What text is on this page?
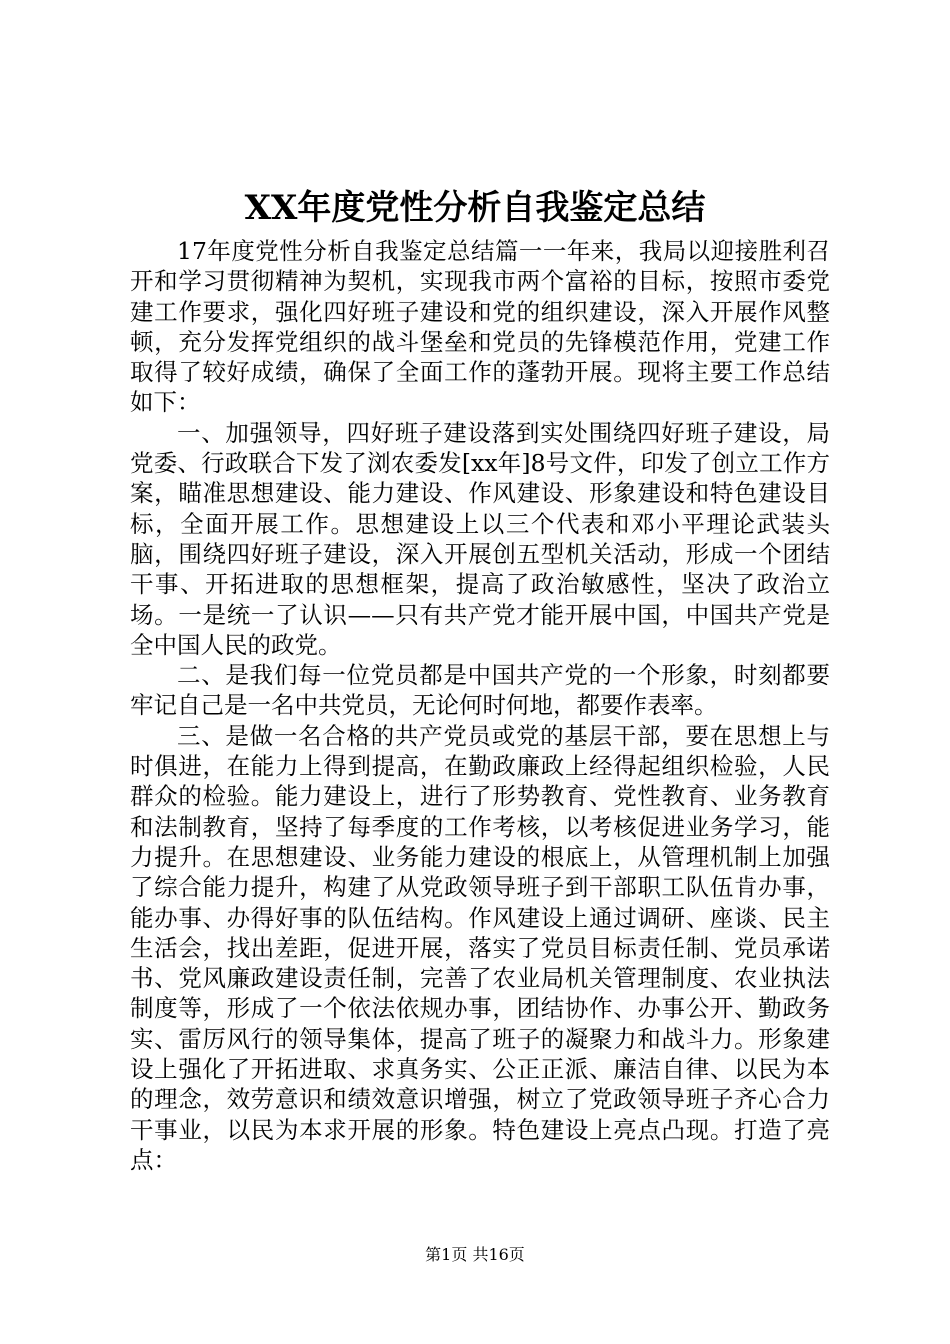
XX年度党性分析自我鉴定总结

17年度党性分析自我鉴定总结篇一一年来，我局以迎接胜利召开和学习贯彻精神为契机，实现我市两个富裕的目标，按照市委党建工作要求，强化四好班子建设和党的组织建设，深入开展作风整顿，充分发挥党组织的战斗堡垒和党员的先锋模范作用，党建工作取得了较好成绩，确保了全面工作的蓬勃开展。现将主要工作总结如下：

一、加强领导，四好班子建设落到实处围绕四好班子建设，局党委、行政联合下发了浏农委发[xx年]8号文件，印发了创立工作方案，瞄准思想建设、能力建设、作风建设、形象建设和特色建设目标，全面开展工作。思想建设上以三个代表和邓小平理论武装头脑，围绕四好班子建设，深入开展创五型机关活动，形成一个团结干事、开拓进取的思想框架，提高了政治敏感性，坚决了政治立场。一是统一了认识——只有共产党才能开展中国，中国共产党是全中国人民的政党。

二、是我们每一位党员都是中国共产党的一个形象，时刻都要牢记自己是一名中共党员，无论何时何地，都要作表率。

三、是做一名合格的共产党员或党的基层干部，要在思想上与时俱进，在能力上得到提高，在勤政廉政上经得起组织检验，人民群众的检验。能力建设上，进行了形势教育、党性教育、业务教育和法制教育，坚持了每季度的工作考核，以考核促进业务学习，能力提升。在思想建设、业务能力建设的根底上，从管理机制上加强了综合能力提升，构建了从党政领导班子到干部职工队伍肯办事，能办事、办得好事的队伍结构。作风建设上通过调研、座谈、民主生活会，找出差距，促进开展，落实了党员目标责任制、党员承诺书、党风廉政建设责任制，完善了农业局机关管理制度、农业执法制度等，形成了一个依法依规办事，团结协作、办事公开、勤政务实、雷厉风行的领导集体，提高了班子的凝聚力和战斗力。形象建设上强化了开拓进取、求真务实、公正正派、廉洁自律、以民为本的理念，效劳意识和绩效意识增强，树立了党政领导班子齐心合力干事业，以民为本求开展的形象。特色建设上亮点凸现。打造了亮点：

第1页 共16页
